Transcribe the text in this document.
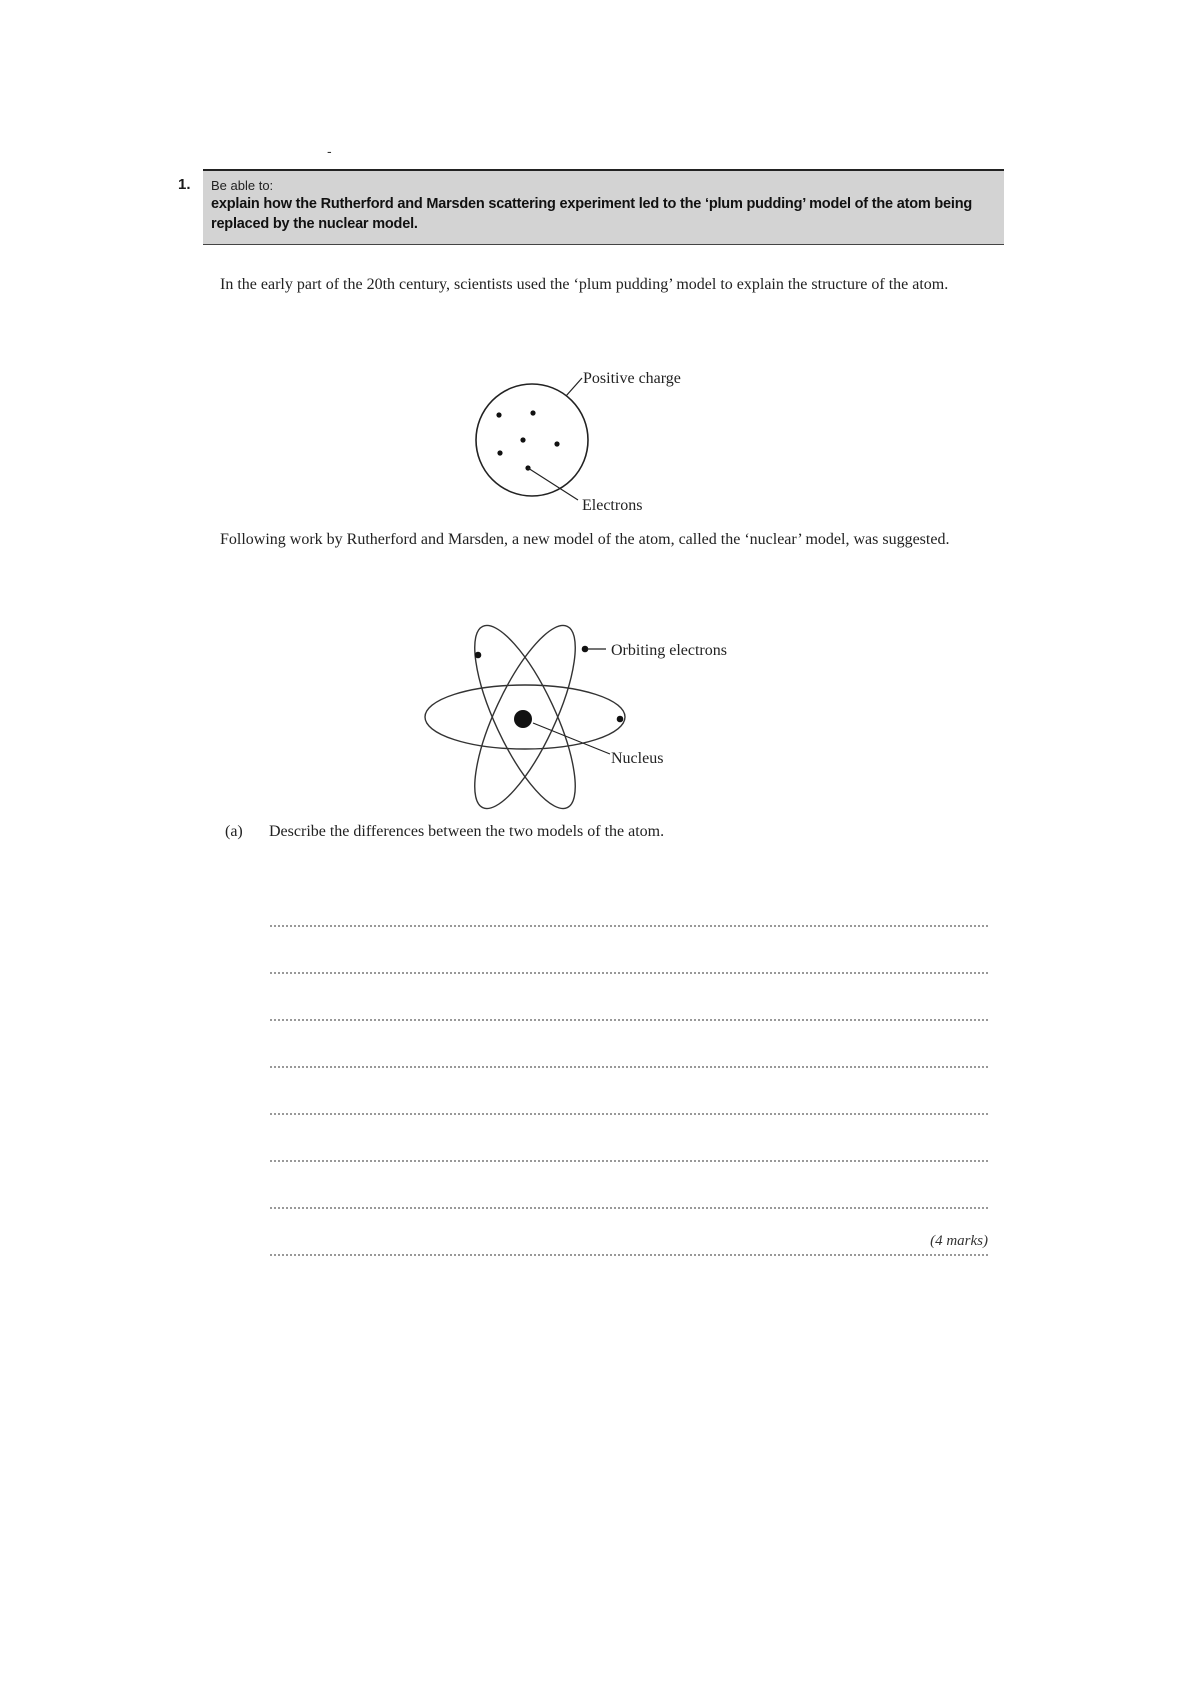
-
1. Be able to:
explain how the Rutherford and Marsden scattering experiment led to the ‘plum pudding’ model of the atom being replaced by the nuclear model.
In the early part of the 20th century, scientists used the ‘plum pudding’ model to explain the structure of the atom.
Positive charge
Electrons
Following work by Rutherford and Marsden, a new model of the atom, called the ‘nuclear’ model, was suggested.
Orbiting electrons
Nucleus
(a) Describe the differences between the two models of the atom.
(4 marks)
